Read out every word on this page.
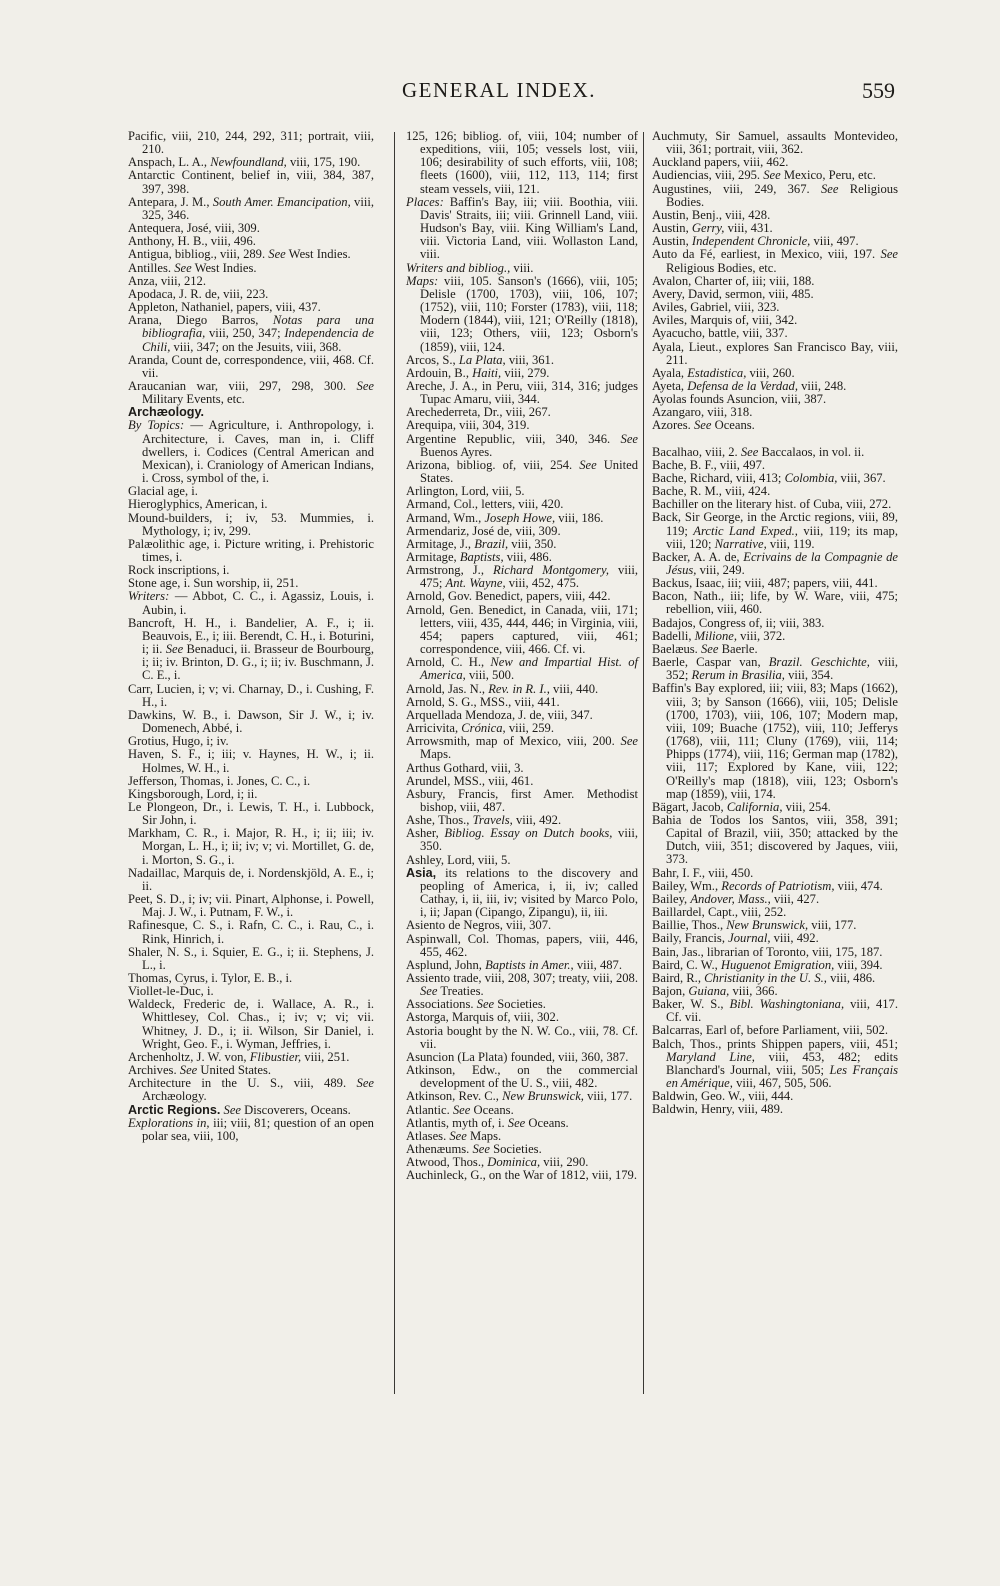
GENERAL INDEX.	559

Pacific, viii, 210, 244, 292, 311; portrait, viii, 210.

Anspach, L. A., Newfoundland, viii, 175, 190.

Antarctic Continent, belief in, viii, 384, 387, 397, 398.

Antepara, J. M., South Amer. Emancipation, viii, 325, 346.

Antequera, José, viii, 309.

Anthony, H. B., viii, 496.

Antigua, bibliog., viii, 289. See West Indies.

Antilles. See West Indies.

Anza, viii, 212.

Apodaca, J. R. de, viii, 223.

Appleton, Nathaniel, papers, viii, 437.

Arana, Diego Barros, Notas para una bibliografia, viii, 250, 347; Independencia de Chili, viii, 347; on the Jesuits, viii, 368.

Aranda, Count de, correspondence, viii, 468. Cf. vii.

Araucanian war, viii, 297, 298, 300. See Military Events, etc.

Archæology.

By Topics: — Agriculture, i. Anthropology, i. Architecture, i. Caves, man in, i. Cliff dwellers, i. Codices (Central American and Mexican), i. Craniology of American Indians, i. Cross, symbol of the, i.

Glacial age, i.

Hieroglyphics, American, i.

Mound-builders, i; iv, 53. Mummies, i. Mythology, i; iv, 299.

Palæolithic age, i. Picture writing, i. Prehistoric times, i.

Rock inscriptions, i.

Stone age, i. Sun worship, ii, 251.

Writers: — Abbot, C. C., i. Agassiz, Louis, i. Aubin, i.

Bancroft, H. H., i. Bandelier, A. F., i; ii. Beauvois, E., i; iii. Berendt, C. H., i. Boturini, i; ii. See Benaduci, ii. Brasseur de Bourbourg, i; ii; iv. Brinton, D. G., i; ii; iv. Buschmann, J. C. E., i.

Carr, Lucien, i; v; vi. Charnay, D., i. Cushing, F. H., i.

Dawkins, W. B., i. Dawson, Sir J. W., i; iv. Domenech, Abbé, i.

Grotius, Hugo, i; iv.

Haven, S. F., i; iii; v. Haynes, H. W., i; ii. Holmes, W. H., i.

Jefferson, Thomas, i. Jones, C. C., i.

Kingsborough, Lord, i; ii.

Le Plongeon, Dr., i. Lewis, T. H., i. Lubbock, Sir John, i.

Markham, C. R., i. Major, R. H., i; ii; iii; iv. Morgan, L. H., i; ii; iv; v; vi. Mortillet, G. de, i. Morton, S. G., i.

Nadaillac, Marquis de, i. Nordenskjöld, A. E., i; ii.

Peet, S. D., i; iv; vii. Pinart, Alphonse, i. Powell, Maj. J. W., i. Putnam, F. W., i.

Rafinesque, C. S., i. Rafn, C. C., i. Rau, C., i. Rink, Hinrich, i.

Shaler, N. S., i. Squier, E. G., i; ii. Stephens, J. L., i.

Thomas, Cyrus, i. Tylor, E. B., i.

Viollet-le-Duc, i.

Waldeck, Frederic de, i. Wallace, A. R., i. Whittlesey, Col. Chas., i; iv; v; vi; vii. Whitney, J. D., i; ii. Wilson, Sir Daniel, i. Wright, Geo. F., i. Wyman, Jeffries, i.

Archenholtz, J. W. von, Flibustier, viii, 251.

Archives. See United States.

Architecture in the U. S., viii, 489. See Archæology.

Arctic Regions. See Discoverers, Oceans.

Explorations in, iii; viii, 81; question of an open polar sea, viii, 100,

125, 126; bibliog. of, viii, 104; number of expeditions, viii, 105; vessels lost, viii, 106; desirability of such efforts, viii, 108; fleets (1600), viii, 112, 113, 114; first steam vessels, viii, 121.

Places: Baffin's Bay, iii; viii. Boothia, viii. Davis' Straits, iii; viii. Grinnell Land, viii. Hudson's Bay, viii. King William's Land, viii. Victoria Land, viii. Wollaston Land, viii.

Writers and bibliog., viii.

Maps: viii, 105. Sanson's (1666), viii, 105; Delisle (1700, 1703), viii, 106, 107; (1752), viii, 110; Forster (1783), viii, 118; Modern (1844), viii, 121; O'Reilly (1818), viii, 123; Others, viii, 123; Osborn's (1859), viii, 124.

Arcos, S., La Plata, viii, 361.

Ardouin, B., Haiti, viii, 279.

Areche, J. A., in Peru, viii, 314, 316; judges Tupac Amaru, viii, 344.

Arechederreta, Dr., viii, 267.

Arequipa, viii, 304, 319.

Argentine Republic, viii, 340, 346. See Buenos Ayres.

Arizona, bibliog. of, viii, 254. See United States.

Arlington, Lord, viii, 5.

Armand, Col., letters, viii, 420.

Armand, Wm., Joseph Howe, viii, 186.

Armendariz, José de, viii, 309.

Armitage, J., Brazil, viii, 350.

Armitage, Baptists, viii, 486.

Armstrong, J., Richard Montgomery, viii, 475; Ant. Wayne, viii, 452, 475.

Arnold, Gov. Benedict, papers, viii, 442.

Arnold, Gen. Benedict, in Canada, viii, 171; letters, viii, 435, 444, 446; in Virginia, viii, 454; papers captured, viii, 461; correspondence, viii, 466. Cf. vi.

Arnold, C. H., New and Impartial Hist. of America, viii, 500.

Arnold, Jas. N., Rev. in R. I., viii, 440.

Arnold, S. G., MSS., viii, 441.

Arquellada Mendoza, J. de, viii, 347.

Arricivita, Crónica, viii, 259.

Arrowsmith, map of Mexico, viii, 200. See Maps.

Arthus Gothard, viii, 3.

Arundel, MSS., viii, 461.

Asbury, Francis, first Amer. Methodist bishop, viii, 487.

Ashe, Thos., Travels, viii, 492.

Asher, Bibliog. Essay on Dutch books, viii, 350.

Ashley, Lord, viii, 5.

Asia, its relations to the discovery and peopling of America, i, ii, iv; called Cathay, i, ii, iii, iv; visited by Marco Polo, i, ii; Japan (Cipango, Zipangu), ii, iii.

Asiento de Negros, viii, 307.

Aspinwall, Col. Thomas, papers, viii, 446, 455, 462.

Asplund, John, Baptists in Amer., viii, 487.

Assiento trade, viii, 208, 307; treaty, viii, 208. See Treaties.

Associations. See Societies.

Astorga, Marquis of, viii, 302.

Astoria bought by the N. W. Co., viii, 78. Cf. vii.

Asuncion (La Plata) founded, viii, 360, 387.

Atkinson, Edw., on the commercial development of the U. S., viii, 482.

Atkinson, Rev. C., New Brunswick, viii, 177.

Atlantic. See Oceans.

Atlantis, myth of, i. See Oceans.

Atlases. See Maps.

Athenæums. See Societies.

Atwood, Thos., Dominica, viii, 290.

Auchinleck, G., on the War of 1812, viii, 179.

Auchmuty, Sir Samuel, assaults Montevideo, viii, 361; portrait, viii, 362.

Auckland papers, viii, 462.

Audiencias, viii, 295. See Mexico, Peru, etc.

Augustines, viii, 249, 367. See Religious Bodies.

Austin, Benj., viii, 428.

Austin, Gerry, viii, 431.

Austin, Independent Chronicle, viii, 497.

Auto da Fé, earliest, in Mexico, viii, 197. See Religious Bodies, etc.

Avalon, Charter of, iii; viii, 188.

Avery, David, sermon, viii, 485.

Aviles, Gabriel, viii, 323.

Aviles, Marquis of, viii, 342.

Ayacucho, battle, viii, 337.

Ayala, Lieut., explores San Francisco Bay, viii, 211.

Ayala, Estadistica, viii, 260.

Ayeta, Defensa de la Verdad, viii, 248.

Ayolas founds Asuncion, viii, 387.

Azangaro, viii, 318.

Azores. See Oceans.

Bacalhao, viii, 2. See Baccalaos, in vol. ii.

Bache, B. F., viii, 497.

Bache, Richard, viii, 413; Colombia, viii, 367.

Bache, R. M., viii, 424.

Bachiller on the literary hist. of Cuba, viii, 272.

Back, Sir George, in the Arctic regions, viii, 89, 119; Arctic Land Exped., viii, 119; its map, viii, 120; Narrative, viii, 119.

Backer, A. A. de, Ecrivains de la Compagnie de Jésus, viii, 249.

Backus, Isaac, iii; viii, 487; papers, viii, 441.

Bacon, Nath., iii; life, by W. Ware, viii, 475; rebellion, viii, 460.

Badajos, Congress of, ii; viii, 383.

Badelli, Milione, viii, 372.

Baelæus. See Baerle.

Baerle, Caspar van, Brazil. Geschichte, viii, 352; Rerum in Brasilia, viii, 354.

Baffin's Bay explored, iii; viii, 83; Maps (1662), viii, 3; by Sanson (1666), viii, 105; Delisle (1700, 1703), viii, 106, 107; Modern map, viii, 109; Buache (1752), viii, 110; Jefferys (1768), viii, 111; Cluny (1769), viii, 114; Phipps (1774), viii, 116; German map (1782), viii, 117; Explored by Kane, viii, 122; O'Reilly's map (1818), viii, 123; Osborn's map (1859), viii, 174.

Bägart, Jacob, California, viii, 254.

Bahia de Todos los Santos, viii, 358, 391; Capital of Brazil, viii, 350; attacked by the Dutch, viii, 351; discovered by Jaques, viii, 373.

Bahr, I. F., viii, 450.

Bailey, Wm., Records of Patriotism, viii, 474.

Bailey, Andover, Mass., viii, 427.

Baillardel, Capt., viii, 252.

Baillie, Thos., New Brunswick, viii, 177.

Baily, Francis, Journal, viii, 492.

Bain, Jas., librarian of Toronto, viii, 175, 187.

Baird, C. W., Huguenot Emigration, viii, 394.

Baird, R., Christianity in the U. S., viii, 486.

Bajon, Guiana, viii, 366.

Baker, W. S., Bibl. Washingtoniana, viii, 417. Cf. vii.

Balcarras, Earl of, before Parliament, viii, 502.

Balch, Thos., prints Shippen papers, viii, 451; Maryland Line, viii, 453, 482; edits Blanchard's Journal, viii, 505; Les Français en Amérique, viii, 467, 505, 506.

Baldwin, Geo. W., viii, 444.

Baldwin, Henry, viii, 489.
